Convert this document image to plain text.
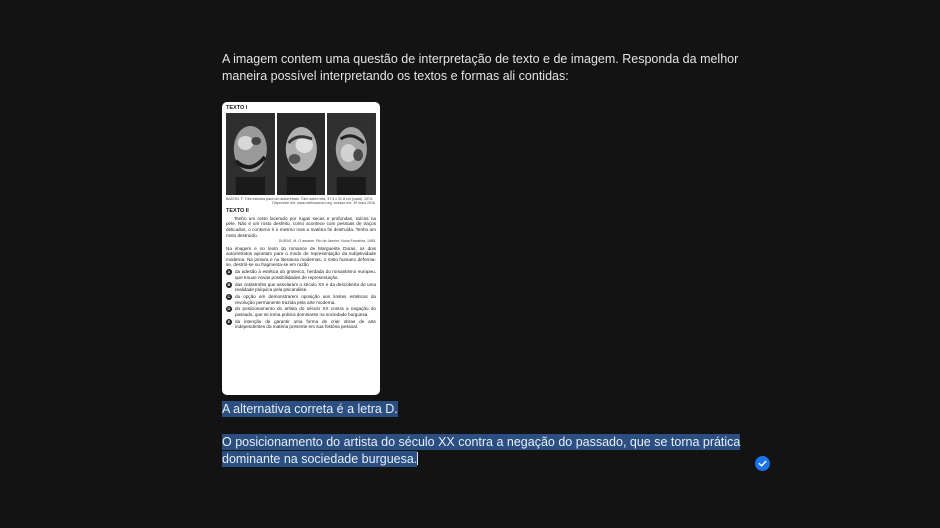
A imagem contem uma questão de interpretação de texto e de imagem. Responda da melhor maneira possível interpretando os textos e formas ali contidas:
TEXTO I
BACON, F. Três estudos para um autorretrato. Óleo sobre tela, 37,5 x 31,8 cm (cada). 1974.
Disponível em: www.metmuseum.org. Acesso em: 30 maio 2016.
TEXTO II
Tenho um rosto lacerado por rugas secas e profundas, sulcos na pele. Não é um rosto desfeito, como acontece com pessoas de traços delicados, o contorno é o mesmo mas a matéria foi destruída. Tenho um rosto destruído.
DURAS, M. O amante. Rio de Janeiro: Nova Fronteira, 1985.
Na imagem e no texto do romance de Marguerite Duras, os dois autorretratos apontam para o modo de representação da subjetividade moderna. Na pintura e na literatura modernas, o rosto humano deforma-se, destrói-se ou fragmenta-se em razão
A da adesão à estética do grotesco, herdada do romantismo europeu, que trouxe novas possibilidades de representação.
B das catástrofes que assolaram o século XX e da descoberta de uma realidade psíquica pela psicanálise.
C da opção em demonstrarem oposição aos limites estéticos da revolução permanente trazida pela arte moderna.
D do posicionamento do artista do século XX contra a negação do passado, que se torna prática dominante na sociedade burguesa.
E	da intenção de garantir uma forma de criar obras de arte independentes da matéria presente em sua história pessoal.
A alternativa correta é a letra D.
O posicionamento do artista do século XX contra a negação do passado, que se torna prática dominante na sociedade burguesa.
